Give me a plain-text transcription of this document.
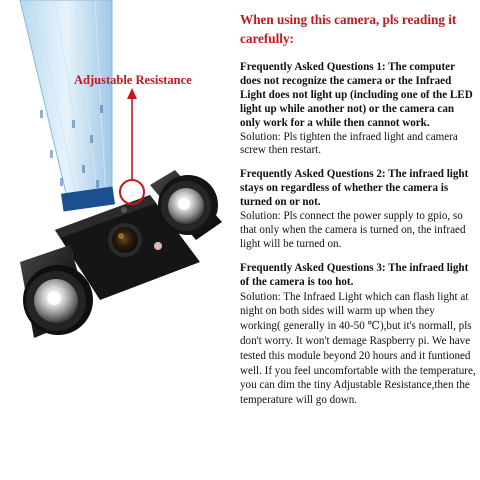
Adjustable Resistance
When using this camera, pls reading it carefully:
Frequently Asked Questions 1: The computer does not recognize the camera or the Infraed Light does not light up (including one of the LED light up while another not) or the camera can only work for a while then cannot work.
Solution: Pls tighten the infraed light and camera screw then restart.
Frequently Asked Questions 2: The infraed light stays on regardless of whether the camera is turned on or not.
Solution: Pls connect the power supply to gpio, so that only when the camera is turned on, the infraed light will be turned on.
Frequently Asked Questions 3: The infraed light of the camera is too hot.
Solution: The Infraed Light which can flash light at night on both sides will warm up when they working( generally in 40-50 ℃),but it's normall, pls don't worry. It won't demage Raspberry pi. We have tested this module beyond 20 hours and it funtioned well. If you feel uncomfortable with the temperature, you can dim the tiny Adjustable Resistance,then the temperature will go down.
